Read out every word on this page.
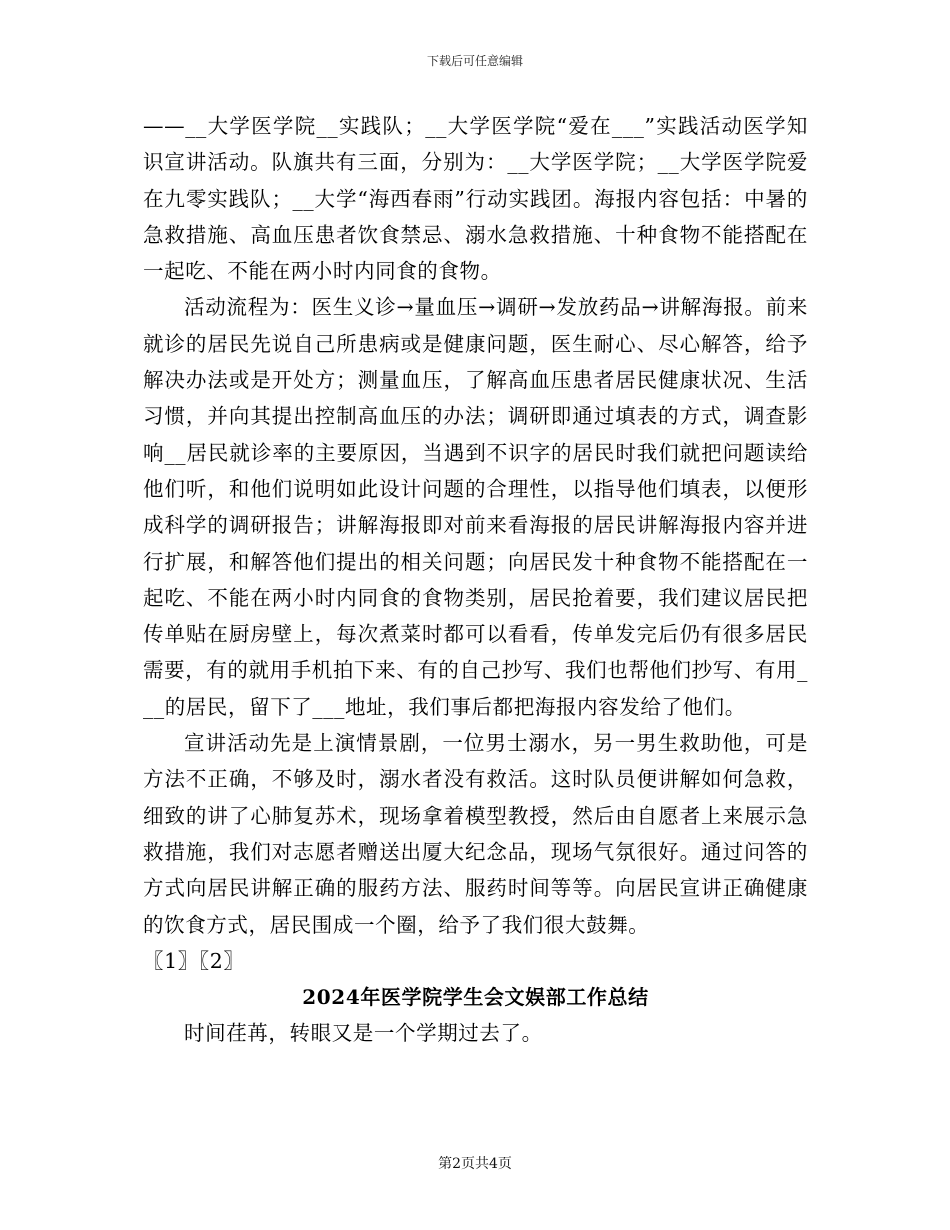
下载后可任意编辑

——__大学医学院__实践队；__大学医学院“爱在___”实践活动医学知识宣讲活动。队旗共有三面，分别为：__大学医学院；__大学医学院爱在九零实践队；__大学“海西春雨”行动实践团。海报内容包括：中暑的急救措施、高血压患者饮食禁忌、溺水急救措施、十种食物不能搭配在一起吃、不能在两小时内同食的食物。

活动流程为：医生义诊→量血压→调研→发放药品→讲解海报。前来就诊的居民先说自己所患病或是健康问题，医生耐心、尽心解答，给予解决办法或是开处方；测量血压，了解高血压患者居民健康状况、生活习惯，并向其提出控制高血压的办法；调研即通过填表的方式，调查影响__居民就诊率的主要原因，当遇到不识字的居民时我们就把问题读给他们听，和他们说明如此设计问题的合理性，以指导他们填表，以便形成科学的调研报告；讲解海报即对前来看海报的居民讲解海报内容并进行扩展，和解答他们提出的相关问题；向居民发十种食物不能搭配在一起吃、不能在两小时内同食的食物类别，居民抢着要，我们建议居民把传单贴在厨房壁上，每次煮菜时都可以看看，传单发完后仍有很多居民需要，有的就用手机拍下来、有的自己抄写、我们也帮他们抄写、有用___的居民，留下了___地址，我们事后都把海报内容发给了他们。

宣讲活动先是上演情景剧，一位男士溺水，另一男生救助他，可是方法不正确，不够及时，溺水者没有救活。这时队员便讲解如何急救，细致的讲了心肺复苏术，现场拿着模型教授，然后由自愿者上来展示急救措施，我们对志愿者赠送出厦大纪念品，现场气氛很好。通过问答的方式向居民讲解正确的服药方法、服药时间等等。向居民宣讲正确健康的饮食方式，居民围成一个圈，给予了我们很大鼓舞。

〖1〗〖2〗

2024年医学院学生会文娱部工作总结

时间荏苒，转眼又是一个学期过去了。

第2页共4页
